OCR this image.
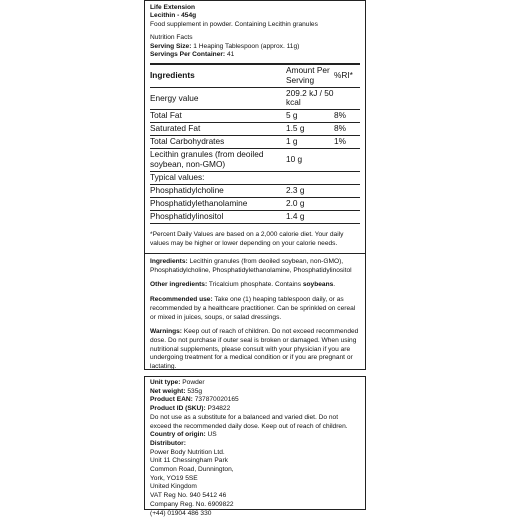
Life Extension
Lecithin - 454g
Food supplement in powder. Containing Lecithin granules
Nutrition Facts
Serving Size: 1 Heaping Tablespoon (approx. 11g)
Servings Per Container: 41
Ingredients	Amount Per Serving	%RI*
Energy value	209.2 kJ / 50 kcal	
Total Fat	5 g	8%
Saturated Fat	1.5 g	8%
Total Carbohydrates	1 g	1%
Lecithin granules (from deoiled soybean, non-GMO)	10 g	
Typical values:		
Phosphatidylcholine	2.3 g	
Phosphatidylethanolamine	2.0 g	
Phosphatidylinositol	1.4 g	
*Percent Daily Values are based on a 2,000 calorie diet. Your daily values may be higher or lower depending on your calorie needs.

Ingredients: Lecithin granules (from deoiled soybean, non-GMO), Phosphatidylcholine, Phosphatidylethanolamine, Phosphatidylinositol

Other ingredients: Tricalcium phosphate. Contains soybeans.

Recommended use: Take one (1) heaping tablespoon daily, or as recommended by a healthcare practitioner. Can be sprinkled on cereal or mixed in juices, soups, or salad dressings.

Warnings: Keep out of reach of children. Do not exceed recommended dose. Do not purchase if outer seal is broken or damaged. When using nutritional supplements, please consult with your physician if you are undergoing treatment for a medical condition or if you are pregnant or lactating.

Unit type: Powder
Net weight: 535g
Product EAN: 737870020165
Product ID (SKU): P34822
Do not use as a substitute for a balanced and varied diet. Do not exceed the recommended daily dose. Keep out of reach of children.
Country of origin: US
Distributor:
Power Body Nutrition Ltd.
Unit 11 Chessingham Park
Common Road, Dunnington,
York, YO19 5SE
United Kingdom
VAT Reg No. 940 5412 46
Company Reg. No. 6909822
(+44) 01904 486 330
